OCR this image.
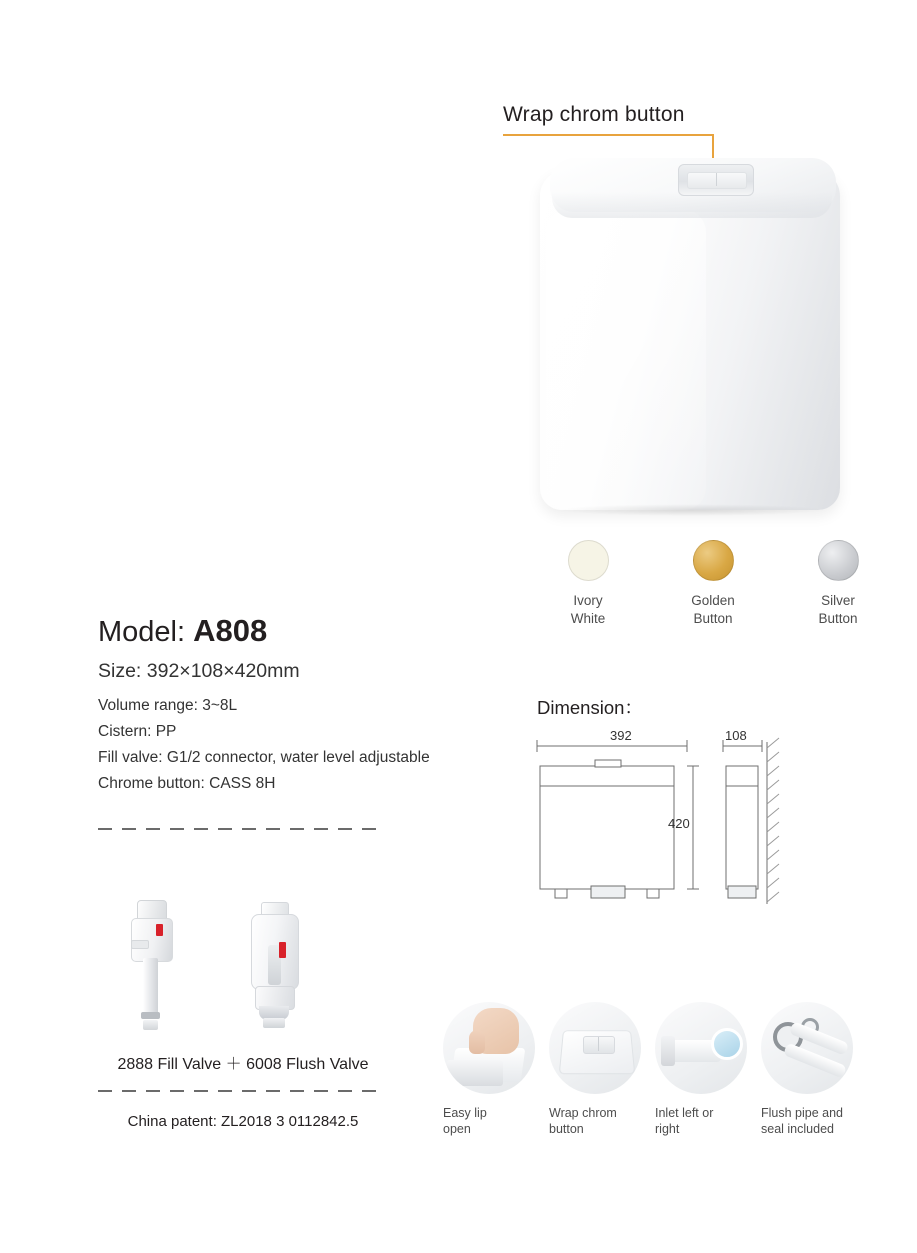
Wrap chrom button
Ivory
White
Golden
Button
Silver
Button
Model: A808
Size: 392×108×420mm
Volume range: 3~8L
Cistern: PP
Fill valve: G1/2 connector, water level adjustable
Chrome button: CASS 8H
2888 Fill Valve ＋ 6008 Flush Valve
China patent: ZL2018 3 0112842.5
Dimension：
392	108
420
Easy lip
open
Wrap chrom
button
Inlet left or
right
Flush pipe and
seal included
